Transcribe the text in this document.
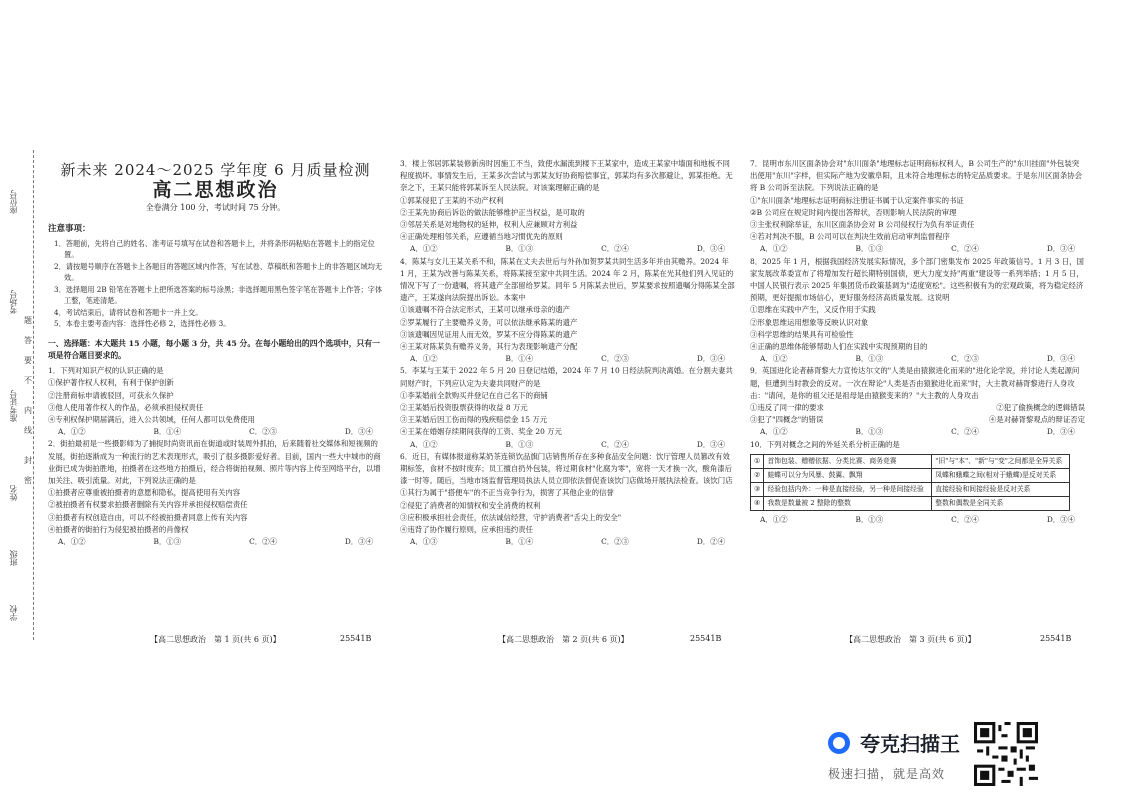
座位号
考场号
准考证号
姓名
班级
学校
题
答
要
不
内
线
封
密
新未来 2024～2025 学年度 6 月质量检测
高二思想政治
全卷满分 100 分，考试时间 75 分钟。
注意事项：

1．答题前，先将自己的姓名、准考证号填写在试卷和答题卡上，并将条形码粘贴在答题卡上的指定位置。

2．请按题号顺序在答题卡上各题目的答题区域内作答，写在试卷、草稿纸和答题卡上的非答题区域均无效。

3．选择题用 2B 铅笔在答题卡上把所选答案的标号涂黑；非选择题用黑色签字笔在答题卡上作答；字体工整，笔迹清楚。

4．考试结束后，请将试卷和答题卡一并上交。

5．本卷主要考查内容：选择性必修 2，选择性必修 3。

一、选择题：本大题共 15 小题，每小题 3 分，共 45 分。在每小题给出的四个选项中，只有一项是符合题目要求的。

1．下列对知识产权的认识正确的是

①保护著作权人权利，有利于保护创新

②注册商标申请被驳回，可获永久保护

③他人使用著作权人的作品，必须承担侵权责任

④专利权保护期届满后，进入公共领域，任何人都可以免费使用

A．①②	B．①④	C．②③	D．③④

2．街拍最初是一些摄影师为了捕捉时尚资讯而在街道或时装周外抓拍，后来随着社交媒体和短视频的发展，街拍逐渐成为一种流行的艺术表现形式，吸引了很多摄影爱好者。目前，国内一些大中城市的商业街已成为街拍胜地，拍摄者在这些地方拍摄后，经合将街拍视频、照片等内容上传至网络平台，以增加关注、吸引流量。对此，下列说法正确的是

①拍摄者应尊重被拍摄者的意愿和隐私，提高使用有关内容

②被拍摄者有权要求拍摄者删除有关内容并承担侵权赔偿责任

③拍摄者有权创造自由，可以不经被拍摄者同意上传有关内容

④拍摄者的街拍行为侵犯被拍摄者的肖像权

A．①②	B．①③	C．②④	D．③④

3．楼上邻居郭某装修新房时因施工不当，致使水漏流到楼下王某家中，造成王某家中墙面和地板不同程度损坏。事情发生后，王某多次尝试与郭某友好协商赔偿事宜，郭某均有多次都避让，郭某拒绝。无奈之下，王某只能将郭某诉至人民法院。对该案理解正确的是

①郭某侵犯了王某的不动产权利

②王某先协商后诉讼的做法能够维护正当权益，是可取的

③邻居关系是对地物权的延伸，权利人应兼顾对方利益

④正确处理相邻关系，应遵循当地习惯优先的原则

A．①②	B．①③	C．②④	D．③④

4．陈某与女儿王某关系不和，陈某在丈夫去世后与外孙加贺罗某共同生活多年并由其赡养。2024 年 1 月，王某为改善与陈某关系，将陈某接至家中共同生活。2024 年 2 月，陈某在光其他们列入见证的情况下写了一份遗嘱，将其遗产全部留给罗某。同年 5 月陈某去世后，罗某要求按照遗嘱分得陈某全部遗产，王某遂向法院提出诉讼。本案中

①该遗嘱不符合法定形式，王某可以继承母亲的遗产

②罗某履行了主要赡养义务，可以依法继承陈某的遗产

③该遗嘱因见证用人而无效，罗某不应分得陈某的遗产

④王某对陈某负有赡养义务，其行为表现影响遗产分配

A．①②	B．①④	C．②③	D．③④

5．李某与王某于 2022 年 5 月 20 日登记结婚，2024 年 7 月 10 日经法院判决离婚。在分割夫妻共同财产时，下列应认定为夫妻共同财产的是

①李某婚前全款购买并登记在自己名下的商铺

②王某婚后投资股票获得的收益 8 万元

③王某婚后因工伤而得的残疾赔偿金 15 万元

④王某在婚姻存续期间获得的工资、奖金 20 万元

A．①②	B．①③	C．②④	D．③④

6．近日，有媒体报道称某奶茶连锁饮品旗门店销售所存在多种食品安全问题：饮厅管理人员篡改有效期标签，食材不按时废弃；员工擅自扔外包装，将过期食材"化腐为零"，宽将一天才换一次，酸角漆后漆一时等。随后，当地市场监督管理局执法人员立即依法督促查该饮门店做场开展执法检查。该饮门店

①其行为属于"搭便车"的不正当竞争行为，损害了其他企业的信誉

②侵犯了消费者的知情权和安全消费的权利

③应积极承担社会责任，依法诚信经营，守护消费者"舌尖上的安全"

④违背了协作履行原则，应承担违约责任

A．①③	B．①④	C．②③	D．②④

7．昆明市东川区面条协会对"东川面条"地理标志证明商标权利人，B 公司生产的"东川挂面"外包装突出使用"东川"字样，但实际产地为安徽阜阳，且未符合地理标志的特定品质要求。于是东川区面条协会将 B 公司诉至法院。下列说法正确的是

①"东川面条"地理标志证明商标注册证书属于认定案件事实的书证

②B 公司应在规定时间内提出答辩状，否则影响人民法院的审理

③主张权利除举证，东川区面条协会对 B 公司侵权行为负有举证责任

④若对判决不服，B 公司可以在判决生效前启动审判监督程序

A．①②	B．①③	C．②④	D．③④

8．2025 年 1 月，根据我国经济发展实际情况，多个部门密集发布 2025 年政策信号。1 月 3 日，国家发展改革委宣布了将增加发行超长期特别国债，更大力度支持"两重"建设等一系列举措；1 月 5 日，中国人民银行表示 2025 年集团货币政策基调为"适度宽松"。这些积极有为的宏观政策，将为稳定经济预期，更好提振市场信心，更好服务经济高质量发展。这说明

①思维在实践中产生，又反作用于实践

②形象思维运用想象等反映认识对象

③科学思维的结果具有可检验性

④正确的思维体能够帮助人们在实践中实现预期的目的

A．①②	B．①③	C．②③	D．③④

9．英国进化论者赫胥黎大力宣传达尔文的"人类是由猿猴进化而来的"进化论学说，并讨论人类起源问题，但遭到当时教会的反对。一次在辩论"人类是否由猿猴进化而来"时，大主教对赫胥黎进行人身攻击："请问，是你的祖父还是祖母是由猿猴变来的？"大主教的人身攻击

①违反了同一律的要求	②犯了偷换概念的逻辑错误
③犯了"四概念"的错误	④是对赫胥黎观点的辩证否定
A．①②	B．①③	C．②④	D．③④

10．下列对概念之间的外延关系分析正确的是

①	首饰包装、赠赠依据、分类比赛、商务竞赛	"旧"与"本"、"新"与"变"之间都是全异关系
②	蛙蝶可以分为风暴、鼓翼、飘翔	凤蝶和蛾蝶之间(相对于蛾蝶)是反对关系
③	经验包括内外：一种是直接经验，另一种是间接经验	直接经验和间接经验是反对关系
④	我数是数量被 2 整除的整数	整数和偶数是全同关系
A．①②	B．①③	C．②④	D．③④
【高二思想政治　第 1 页(共 6 页)】	25541B	【高二思想政治　第 2 页(共 6 页)】	25541B	【高二思想政治　第 3 页(共 6 页)】	25541B
夸克扫描王
极速扫描，就是高效
